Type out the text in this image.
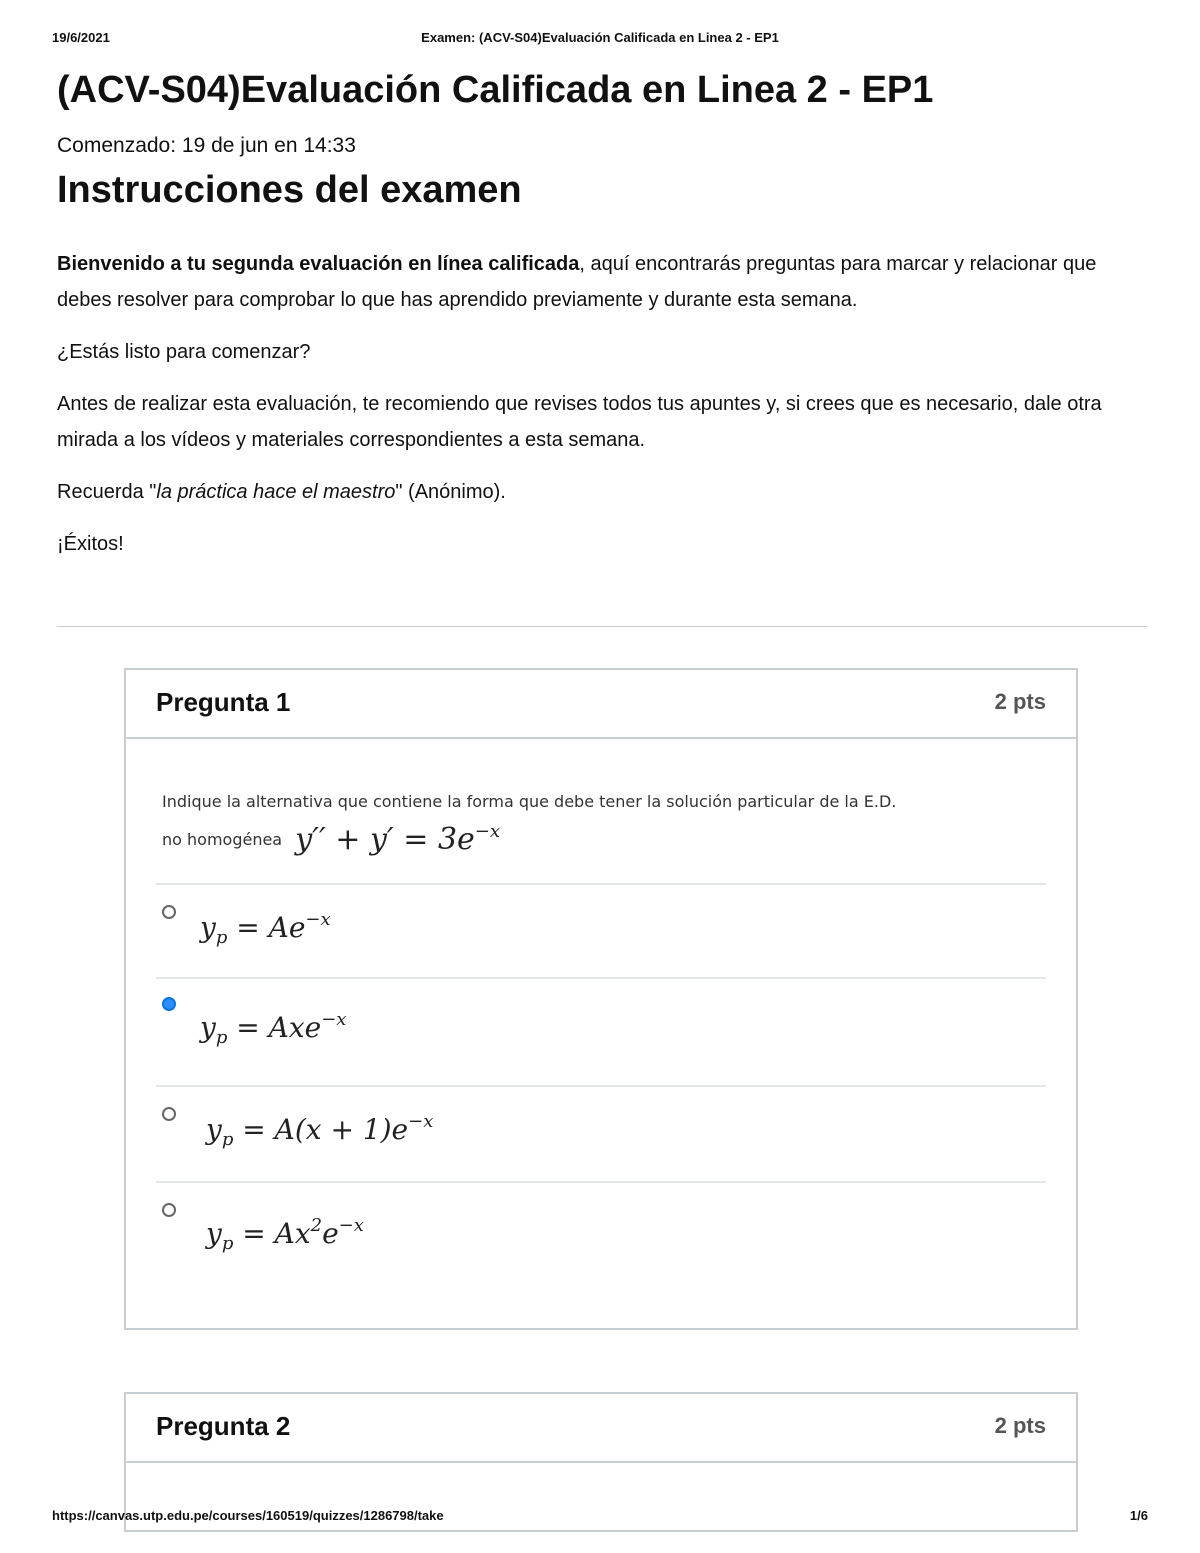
19/6/2021	Examen: (ACV-S04)Evaluación Calificada en Linea 2 - EP1
(ACV-S04)Evaluación Calificada en Linea 2 - EP1
Comenzado: 19 de jun en 14:33
Instrucciones del examen

Bienvenido a tu segunda evaluación en línea calificada, aquí encontrarás preguntas para marcar y relacionar que debes resolver para comprobar lo que has aprendido previamente y durante esta semana.

¿Estás listo para comenzar?

Antes de realizar esta evaluación, te recomiendo que revises todos tus apuntes y, si crees que es necesario, dale otra mirada a los vídeos y materiales correspondientes a esta semana.

Recuerda "la práctica hace el maestro" (Anónimo).

¡Éxitos!

Pregunta 1	2 pts
Indique la alternativa que contiene la forma que debe tener la solución particular de la E.D.
no homogénea $y'' + y' = 3e^{-x}$
$y_p = Ae^{-x}$
$y_p = Axe^{-x}$
$y_p = A(x + 1)e^{-x}$
$y_p = Ax^2e^{-x}$
Pregunta 2	2 pts
https://canvas.utp.edu.pe/courses/160519/quizzes/1286798/take	1/6
